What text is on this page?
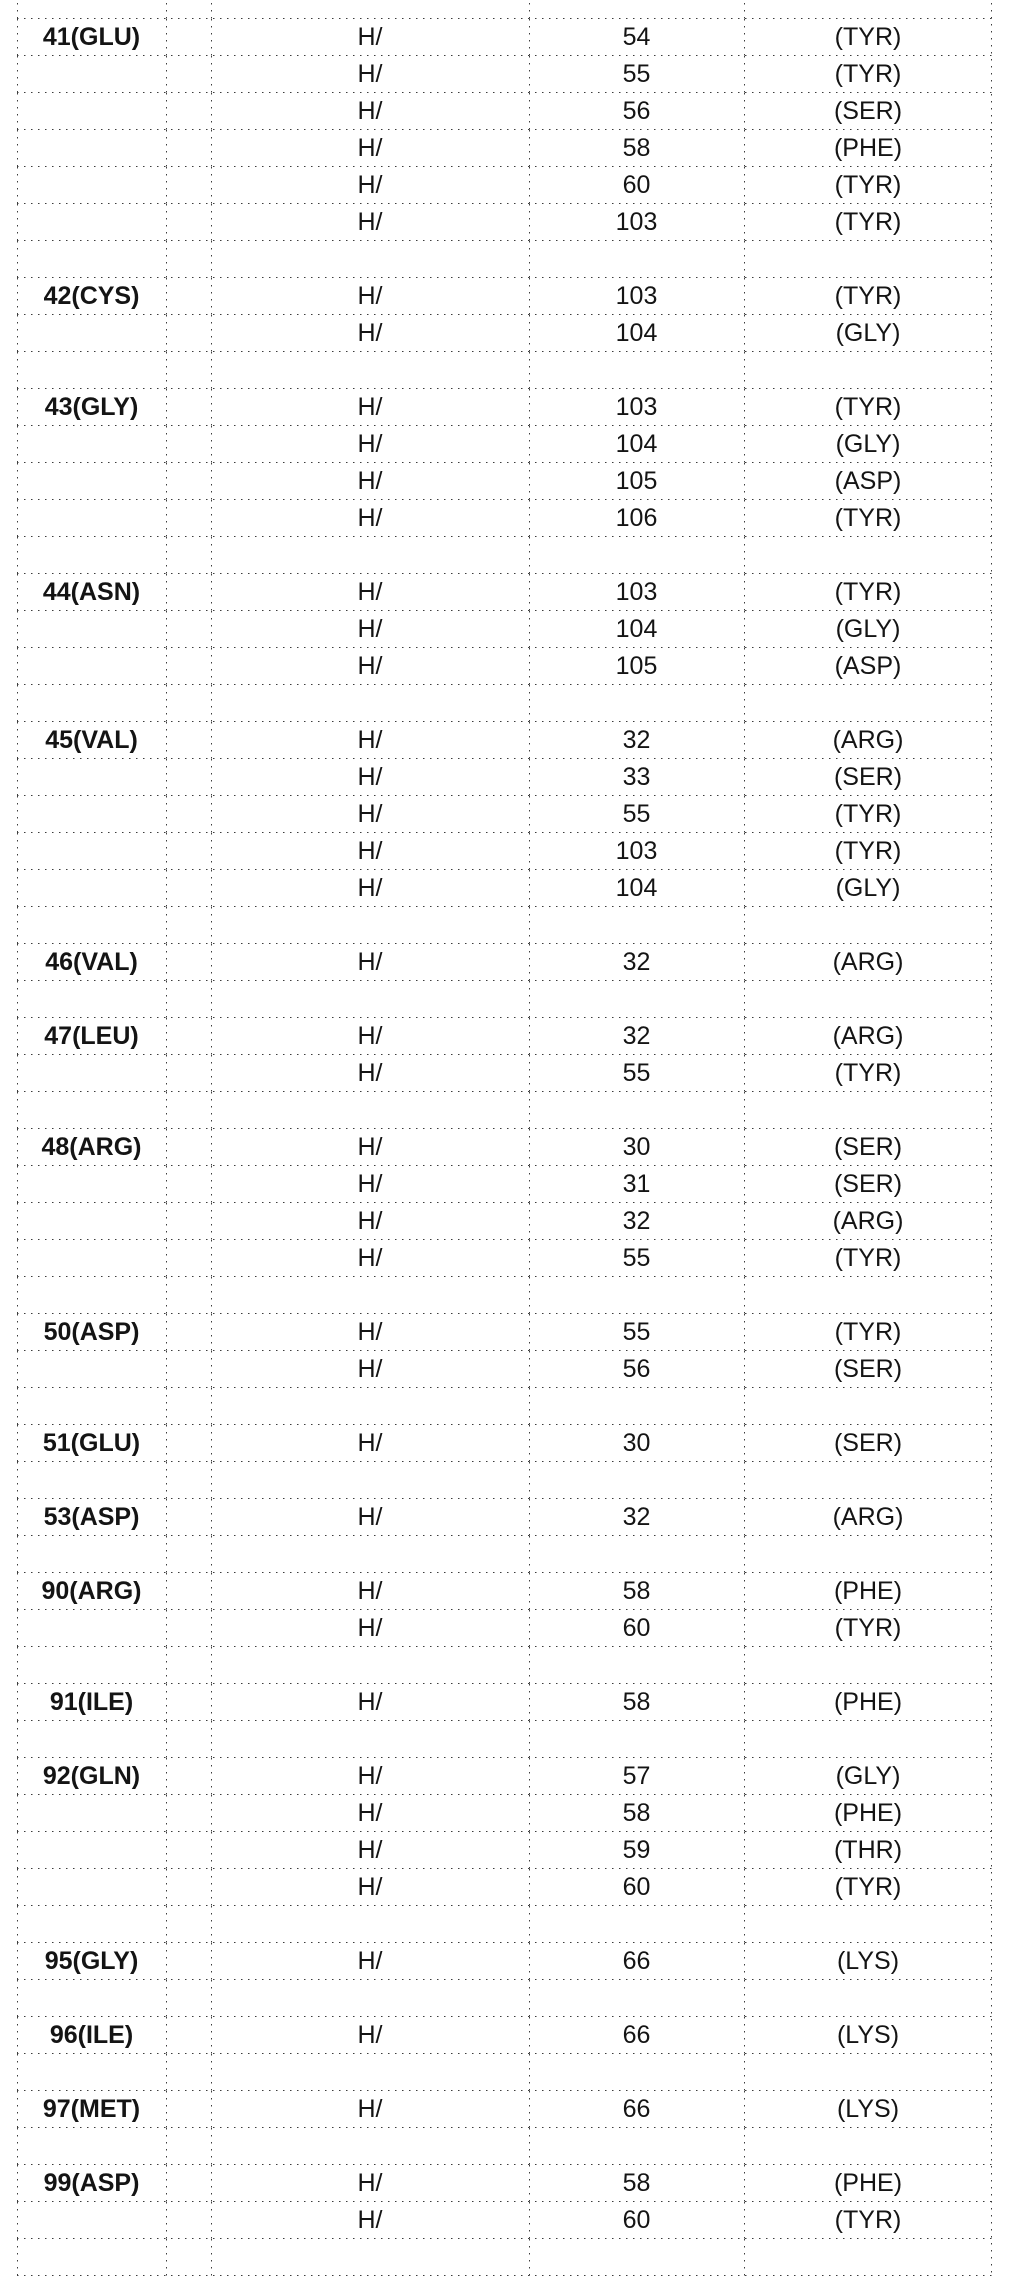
41(GLU)	H/	54	(TYR)
H/	55	(TYR)
H/	56	(SER)
H/	58	(PHE)
H/	60	(TYR)
H/	103	(TYR)
42(CYS)	H/	103	(TYR)
H/	104	(GLY)
43(GLY)	H/	103	(TYR)
H/	104	(GLY)
H/	105	(ASP)
H/	106	(TYR)
44(ASN)	H/	103	(TYR)
H/	104	(GLY)
H/	105	(ASP)
45(VAL)	H/	32	(ARG)
H/	33	(SER)
H/	55	(TYR)
H/	103	(TYR)
H/	104	(GLY)
46(VAL)	H/	32	(ARG)
47(LEU)	H/	32	(ARG)
H/	55	(TYR)
48(ARG)	H/	30	(SER)
H/	31	(SER)
H/	32	(ARG)
H/	55	(TYR)
50(ASP)	H/	55	(TYR)
H/	56	(SER)
51(GLU)	H/	30	(SER)
53(ASP)	H/	32	(ARG)
90(ARG)	H/	58	(PHE)
H/	60	(TYR)
91(ILE)	H/	58	(PHE)
92(GLN)	H/	57	(GLY)
H/	58	(PHE)
H/	59	(THR)
H/	60	(TYR)
95(GLY)	H/	66	(LYS)
96(ILE)	H/	66	(LYS)
97(MET)	H/	66	(LYS)
99(ASP)	H/	58	(PHE)
H/	60	(TYR)
